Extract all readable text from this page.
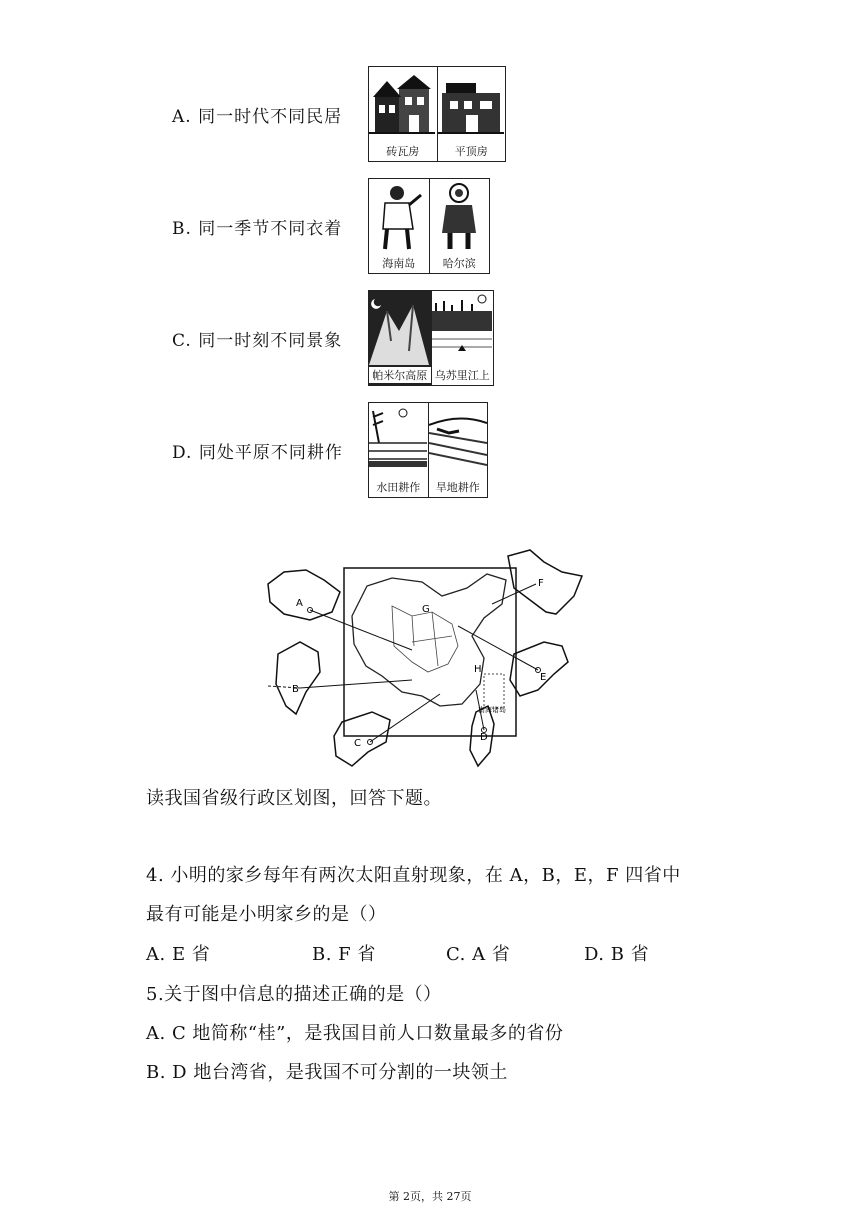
A. 同一时代不同民居
砖瓦房	平顶房
B. 同一季节不同衣着
海南岛	哈尔滨
C. 同一时刻不同景象
帕米尔高原 乌苏里江上
D. 同处平原不同耕作
水田耕作	旱地耕作
A
B
C
D
E
F
G
H
南海诸岛
读我国省级行政区划图，回答下题。
4. 小明的家乡每年有两次太阳直射现象，在 A，B，E，F 四省中
最有可能是小明家乡的是（）
A. E 省	B. F 省	C. A 省	D. B 省
5.关于图中信息的描述正确的是（）
A. C 地简称“桂”，是我国目前人口数量最多的省份
B. D 地台湾省，是我国不可分割的一块领土
第 2页，共 27页
